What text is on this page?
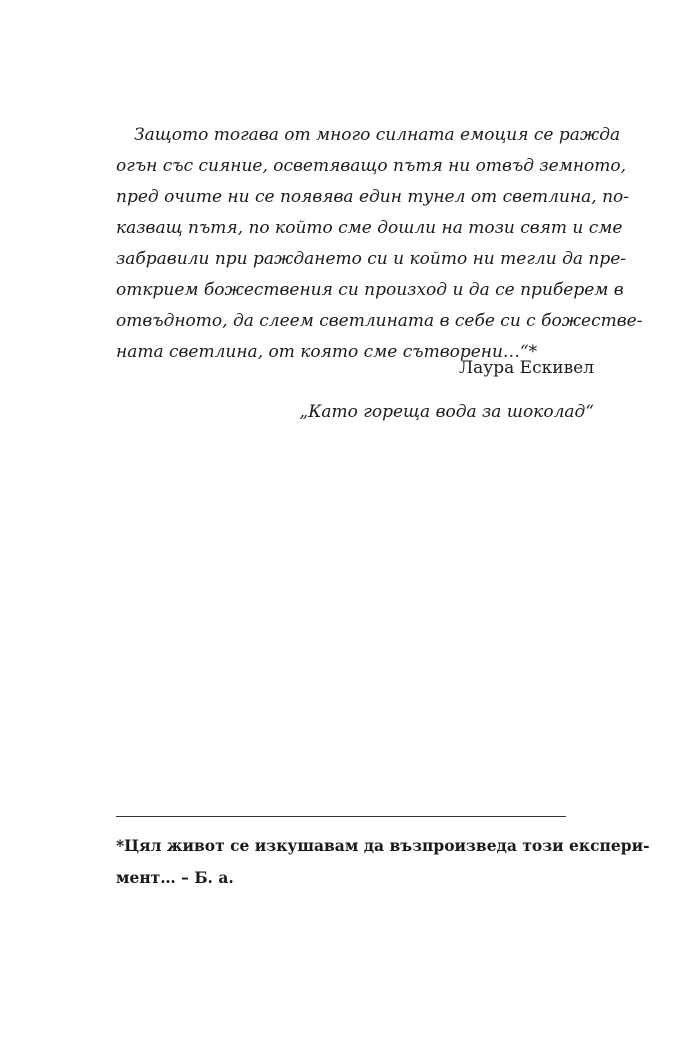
Защото тогава от много силната емоция се ражда
огън със сияние, осветяващо пътя ни отвъд земното,
пред очите ни се появява един тунел от светлина, по-
казващ пътя, по който сме дошли на този свят и сме
забравили при раждането си и който ни тегли да пре-
открием божествения си произход и да се приберем в
отвъдното, да слеем светлината в себе си с божестве-
ната светлина, от която сме сътворени…“*
Лаура Ескивел
„Като гореща вода за шоколад“
*Цял живот се изкушавам да възпроизведа този експери-
мент… – Б. а.
